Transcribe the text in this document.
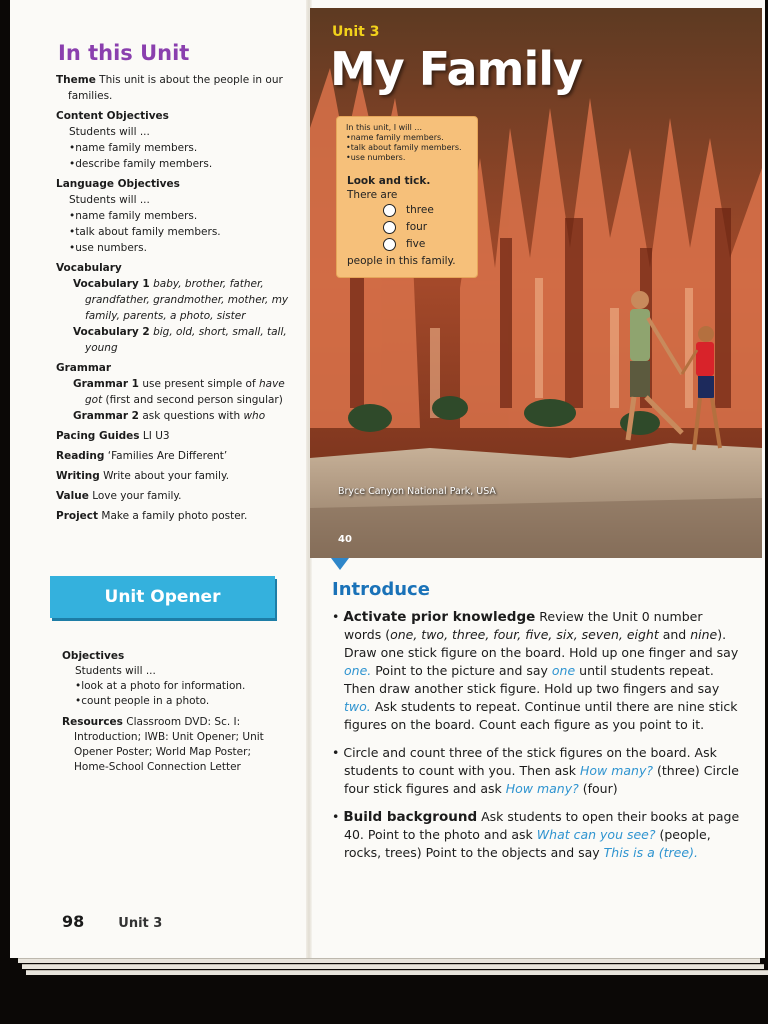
In this Unit
Theme This unit is about the people in our families.
Content Objectives
Students will ...
• name family members.
• describe family members.
Language Objectives
Students will ...
• name family members.
• talk about family members.
• use numbers.
Vocabulary
Vocabulary 1 baby, brother, father, grandfather, grandmother, mother, my family, parents, a photo, sister
Vocabulary 2 big, old, short, small, tall, young
Grammar
Grammar 1 use present simple of have got (first and second person singular)
Grammar 2 ask questions with who
Pacing Guides LI U3
Reading ‘Families Are Different’
Writing Write about your family.
Value Love your family.
Project Make a family photo poster.
Unit Opener
Objectives
Students will ...
• look at a photo for information.
• count people in a photo.
Resources Classroom DVD: Sc. I: Introduction; IWB: Unit Opener; Unit Opener Poster; World Map Poster; Home-School Connection Letter
98	Unit 3
Unit 3
My Family
In this unit, I will ...
• name family members.
• talk about family members.
• use numbers.
Look and tick.
There are
three
four
five
people in this family.
Bryce Canyon National Park, USA
40
Introduce
• Activate prior knowledge Review the Unit 0 number words (one, two, three, four, five, six, seven, eight and nine). Draw one stick figure on the board. Hold up one finger and say one. Point to the picture and say one until students repeat. Then draw another stick figure. Hold up two fingers and say two. Ask students to repeat. Continue until there are nine stick figures on the board. Count each figure as you point to it.
• Circle and count three of the stick figures on the board. Ask students to count with you. Then ask How many? (three) Circle four stick figures and ask How many? (four)
• Build background Ask students to open their books at page 40. Point to the photo and ask What can you see? (people, rocks, trees) Point to the objects and say This is a (tree).
